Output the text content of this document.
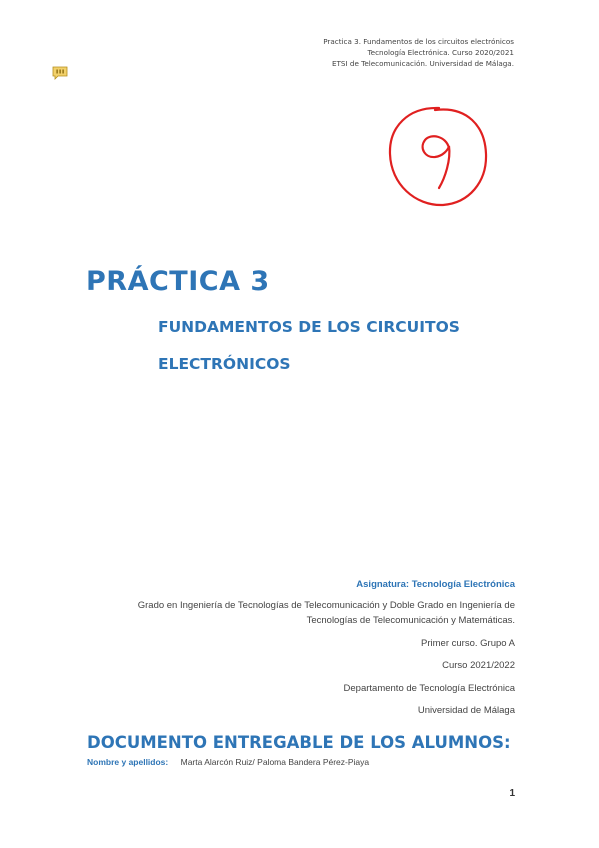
Practica 3. Fundamentos de los circuitos electrónicos
Tecnología Electrónica. Curso 2020/2021
ETSI de Telecomunicación. Universidad de Málaga.
PRÁCTICA 3
FUNDAMENTOS DE LOS CIRCUITOS
ELECTRÓNICOS
Asignatura: Tecnología Electrónica
Grado en Ingeniería de Tecnologías de Telecomunicación y Doble Grado en Ingeniería de
Tecnologías de Telecomunicación y Matemáticas.
Primer curso. Grupo A
Curso 2021/2022
Departamento de Tecnología Electrónica
Universidad de Málaga
DOCUMENTO ENTREGABLE DE LOS ALUMNOS:
Nombre y apellidos: Marta Alarcón Ruiz/ Paloma Bandera Pérez-Piaya
1
